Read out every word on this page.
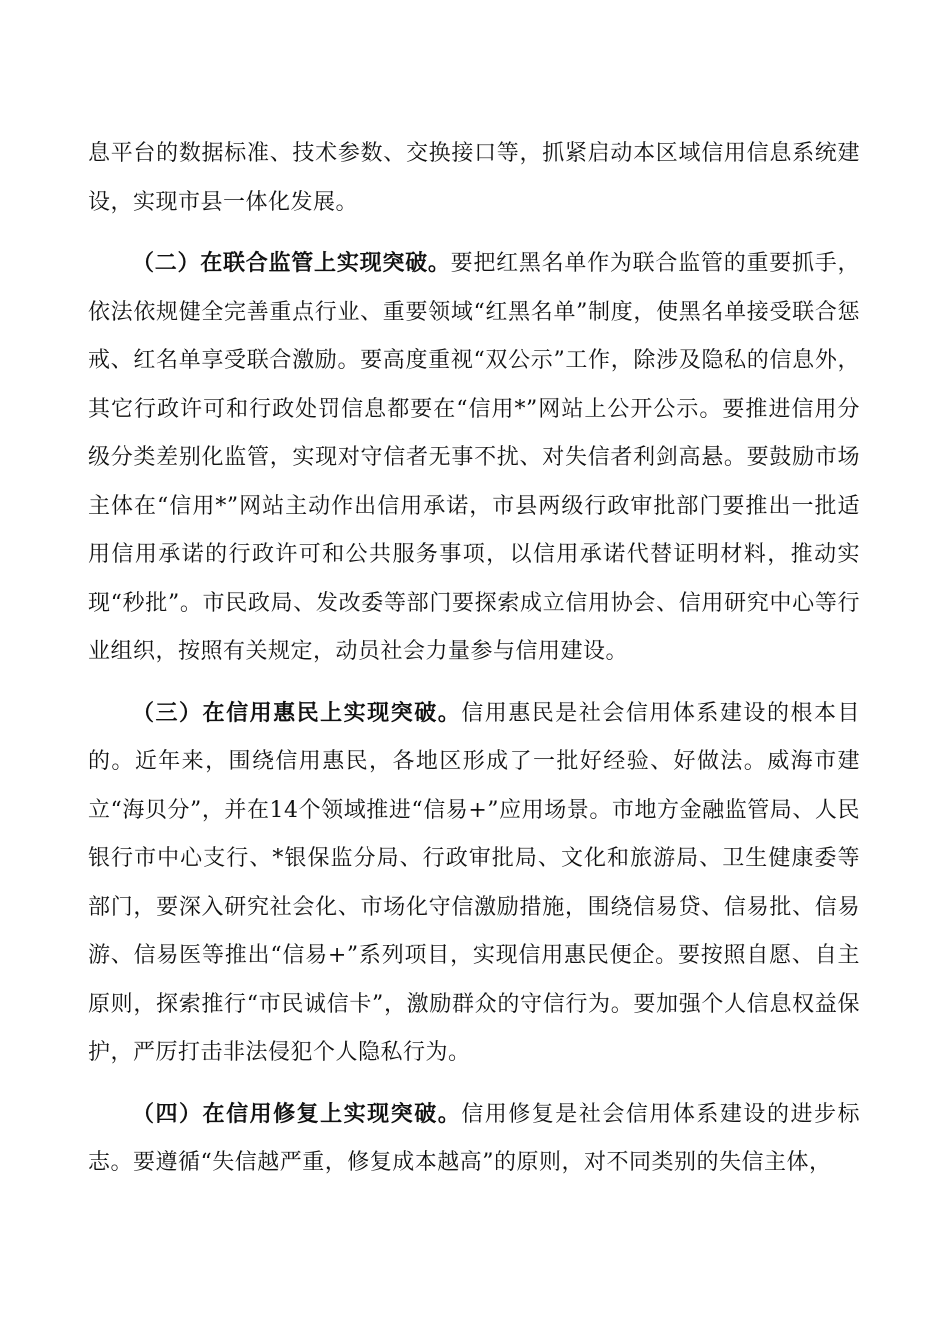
息平台的数据标准、技术参数、交换接口等，抓紧启动本区域信用信息系统建设，实现市县一体化发展。

（二）在联合监管上实现突破。要把红黑名单作为联合监管的重要抓手，依法依规健全完善重点行业、重要领域“红黑名单”制度，使黑名单接受联合惩戒、红名单享受联合激励。要高度重视“双公示”工作，除涉及隐私的信息外，其它行政许可和行政处罚信息都要在“信用*”网站上公开公示。要推进信用分级分类差别化监管，实现对守信者无事不扰、对失信者利剑高悬。要鼓励市场主体在“信用*”网站主动作出信用承诺，市县两级行政审批部门要推出一批适用信用承诺的行政许可和公共服务事项，以信用承诺代替证明材料，推动实现“秒批”。市民政局、发改委等部门要探索成立信用协会、信用研究中心等行业组织，按照有关规定，动员社会力量参与信用建设。

（三）在信用惠民上实现突破。信用惠民是社会信用体系建设的根本目的。近年来，围绕信用惠民，各地区形成了一批好经验、好做法。威海市建立“海贝分”，并在14个领域推进“信易+”应用场景。市地方金融监管局、人民银行市中心支行、*银保监分局、行政审批局、文化和旅游局、卫生健康委等部门，要深入研究社会化、市场化守信激励措施，围绕信易贷、信易批、信易游、信易医等推出“信易+”系列项目，实现信用惠民便企。要按照自愿、自主原则，探索推行“市民诚信卡”，激励群众的守信行为。要加强个人信息权益保护，严厉打击非法侵犯个人隐私行为。

（四）在信用修复上实现突破。信用修复是社会信用体系建设的进步标志。要遵循“失信越严重，修复成本越高”的原则，对不同类别的失信主体，
